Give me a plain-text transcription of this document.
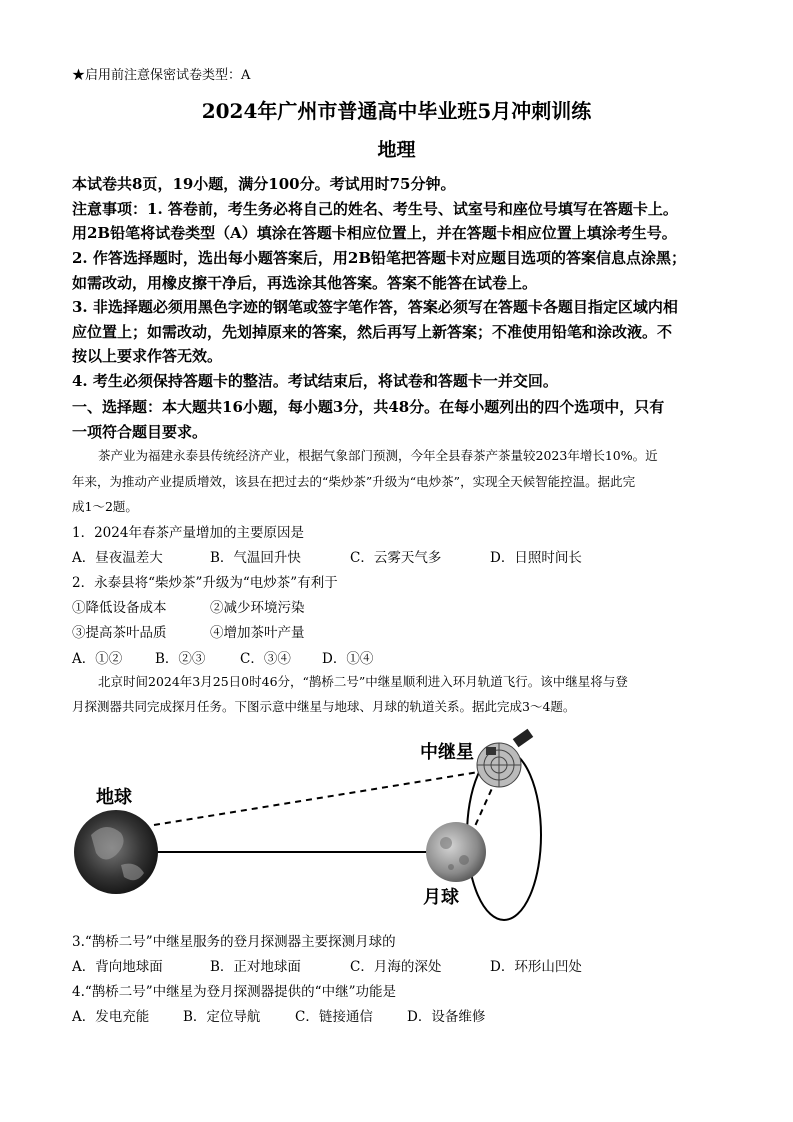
★启用前注意保密试卷类型：A
2024年广州市普通高中毕业班5月冲刺训练
地理
本试卷共8页，19小题，满分100分。考试用时75分钟。
注意事项：1. 答卷前，考生务必将自己的姓名、考生号、试室号和座位号填写在答题卡上。
用2B铅笔将试卷类型（A）填涂在答题卡相应位置上，并在答题卡相应位置上填涂考生号。
2. 作答选择题时，选出每小题答案后，用2B铅笔把答题卡对应题目选项的答案信息点涂黑；
如需改动，用橡皮擦干净后，再选涂其他答案。答案不能答在试卷上。
3. 非选择题必须用黑色字迹的钢笔或签字笔作答，答案必须写在答题卡各题目指定区域内相
应位置上；如需改动，先划掉原来的答案，然后再写上新答案；不准使用铅笔和涂改液。不
按以上要求作答无效。
4. 考生必须保持答题卡的整洁。考试结束后，将试卷和答题卡一并交回。
一、选择题：本大题共16小题，每小题3分，共48分。在每小题列出的四个选项中，只有
一项符合题目要求。
茶产业为福建永泰县传统经济产业，根据气象部门预测，今年全县春茶产茶量较2023年增长10%。近
年来，为推动产业提质增效，该县在把过去的“柴炒茶”升级为“电炒茶”，实现全天候智能控温。据此完
成1～2题。
1．2024年春茶产量增加的主要原因是
A．昼夜温差大	B．气温回升快	C．云雾天气多	D．日照时间长
2．永泰县将“柴炒茶”升级为“电炒茶”有利于
①降低设备成本	②减少环境污染
③提高茶叶品质	④增加茶叶产量
A．①② B．②③	C．③④ D．①④
北京时间2024年3月25日0时46分，“鹊桥二号”中继星顺利进入环月轨道飞行。该中继星将与登
月探测器共同完成探月任务。下图示意中继星与地球、月球的轨道关系。据此完成3～4题。
地球
月球
中继星
3.“鹊桥二号”中继星服务的登月探测器主要探测月球的
A．背向地球面	B．正对地球面	C．月海的深处	D．环形山凹处
4.“鹊桥二号”中继星为登月探测器提供的“中继”功能是
A．发电充能	B．定位导航	C．链接通信	D．设备维修
